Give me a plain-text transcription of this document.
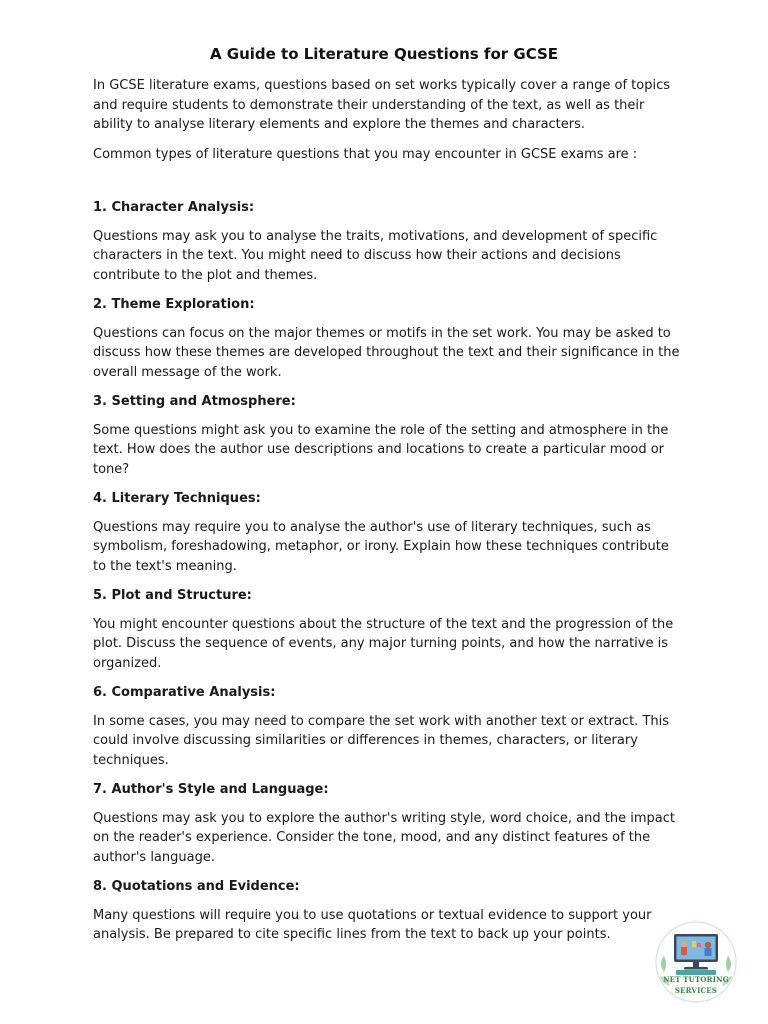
A Guide to Literature Questions for GCSE

In GCSE literature exams, questions based on set works typically cover a range of topics and require students to demonstrate their understanding of the text, as well as their ability to analyse literary elements and explore the themes and characters.

Common types of literature questions that you may encounter in GCSE exams are :

1. Character Analysis:

Questions may ask you to analyse the traits, motivations, and development of specific characters in the text. You might need to discuss how their actions and decisions contribute to the plot and themes.

2. Theme Exploration:

Questions can focus on the major themes or motifs in the set work. You may be asked to discuss how these themes are developed throughout the text and their significance in the overall message of the work.

3. Setting and Atmosphere:

Some questions might ask you to examine the role of the setting and atmosphere in the text. How does the author use descriptions and locations to create a particular mood or tone?

4. Literary Techniques:

Questions may require you to analyse the author's use of literary techniques, such as symbolism, foreshadowing, metaphor, or irony. Explain how these techniques contribute to the text's meaning.

5. Plot and Structure:

You might encounter questions about the structure of the text and the progression of the plot. Discuss the sequence of events, any major turning points, and how the narrative is organized.

6. Comparative Analysis:

In some cases, you may need to compare the set work with another text or extract. This could involve discussing similarities or differences in themes, characters, or literary techniques.

7. Author's Style and Language:

Questions may ask you to explore the author's writing style, word choice, and the impact on the reader's experience. Consider the tone, mood, and any distinct features of the author's language.

8. Quotations and Evidence:

Many questions will require you to use quotations or textual evidence to support your analysis. Be prepared to cite specific lines from the text to back up your points.

NET TUTORING
SERVICES
